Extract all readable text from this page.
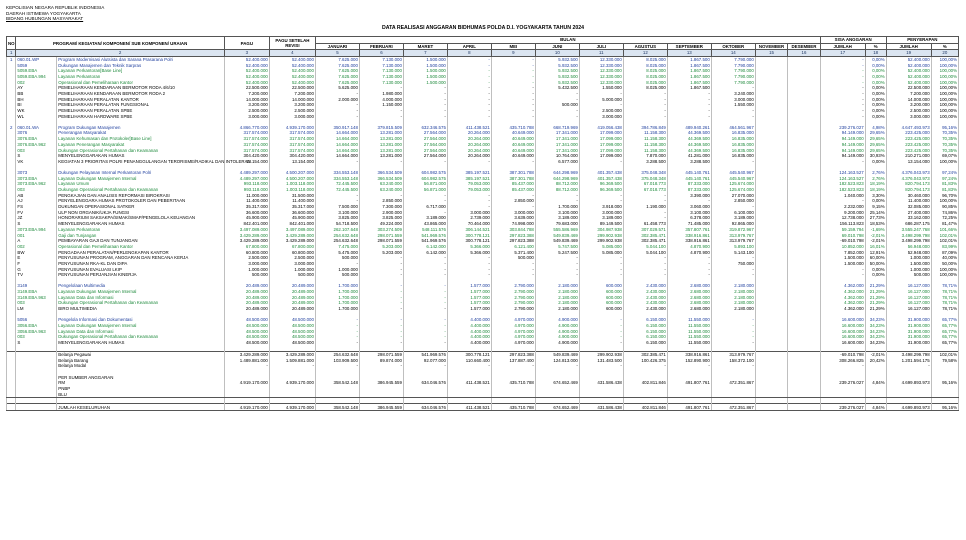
KEPOLISIAN NEGARA REPUBLIK INDONESIA
DAERAH ISTIMEWA YOGYAKARTA
BIDANG HUBUNGAN MASYARAKAT
DATA REALISASI ANGGARAN BIDHUMAS POLDA D.I. YOGYAKARTA TAHUN 2024
NO	PROGRAM/ KEGIATAN/ KOMPONEN/ SUB KOMPONEN/ URAIAN		PAGU	PAGU SETELAH REVISI	BULAN												SISA ANGGARAN		PENYERAPAN	
					JANUARI	FEBRUARI	MARET	APRIL	MEI	JUNI	JULI	AGUSTUS	SEPTEMBER	OKTOBER	NOVEMBER	DESEMBER	JUMLAH	%	JUMLAH	%
1	2		3	4	5	6	7	8	9	10	11	12	13	14	15	16	17	18	19	20
1	060.01.WP	Program Modernisasi Alutsista dan Sarana Prasarana Polri	52.400.000	52.400.000	7.625.000	7.130.000	1.500.000	-	-	5.932.500	12.330.000	8.025.000	1.867.500	7.790.000			-	0,00%	52.400.000	100,00%
	5059	Dukungan Manajemen dan Teknik Sarpras	52.400.000	52.400.000	7.625.000	7.130.000	1.500.000	-	-	5.932.500	12.330.000	8.025.000	1.867.500	7.790.000			-	0,00%	52.400.000	100,00%
	5059.EBA	Layanan Perkantoran[Base Line]	52.400.000	52.400.000	7.625.000	7.130.000	1.500.000	-	-	5.932.500	12.330.000	8.025.000	1.867.500	7.790.000			-	0,00%	52.400.000	100,00%
	5059.EBA.994	Layanan Perkantoran	52.400.000	52.400.000	7.625.000	7.130.000	1.500.000	-	-	5.932.500	12.330.000	8.025.000	1.867.500	7.790.000			-	0,00%	52.400.000	100,00%
	002	Operasional dan Pemeliharaan Kantor	52.400.000	52.400.000	7.625.000	7.130.000	1.500.000	-	-	5.932.500	12.330.000	8.025.000	1.867.500	7.790.000			-	0,00%	52.400.000	100,00%
	AY	PEMELIHARAAN KENDARAAN BERMOTOR RODA 4/6/10	22.500.000	22.500.000	5.625.000	-	-	-	-	5.432.500	1.550.000	8.025.000	1.867.500	-			-	0,00%	22.500.000	100,00%
	BB	PEMELIHARAAN KENDARAAN BERMOTOR RODA 2	7.200.000	7.200.000	-	1.980.000	-	-	-	-	-	-	-	3.240.000			-	0,00%	7.200.000	100,00%
	BH	PEMELIHARAAN PERALATAN KANTOR	14.000.000	14.000.000	2.000.000	4.000.000	-	-	-	-	5.000.000	-	-	3.000.000			-	0,00%	14.000.000	100,00%
	BI	PEMELIHARAAN PERALATAN FUNGSIONAL	3.200.000	3.200.000	-	1.150.000	-	-	-	500.000	-	-	-	1.550.000			-	0,00%	3.200.000	100,00%
	WK	PEMELIHARAAN PERALATAN SPBE	2.500.000	2.500.000	-	-	-	-	-	-	2.500.000	-	-	-			-	0,00%	2.500.000	100,00%
	WL	PEMELIHARAAN HARDWARE SPBE	3.000.000	3.000.000	-	-	-	-	-	-	3.000.000	-	-	-			-	0,00%	3.000.000	100,00%

2	060.01.WA	Program Dukungan Manajemen	4.866.770.000	4.939.170.000	350.917.148	379.815.509	632.346.575	411.438.521	435.710.788	668.719.969	419.056.438	394.786.849	489.940.261	464.561.967			239.276.027	4,98%	4.647.493.973	95,16%
	3076	Penerangan Masyarakat	317.574.000	317.574.000	14.664.000	13.281.000	27.564.000	20.264.000	40.649.000	17.341.000	17.099.000	11.158.300	44.369.500	16.835.000			94.149.000	29,65%	223.425.000	70,35%
	3076.EBA	Layanan Kehumasan dan Protokoler[Base Line]	317.574.000	317.574.000	14.664.000	13.281.000	27.564.000	20.264.000	40.649.000	17.341.000	17.099.000	11.158.300	44.369.500	16.835.000			94.149.000	29,65%	223.425.000	70,35%
	3076.EBA.962	Layanan Penerangan Masyarakat	317.574.000	317.574.000	14.664.000	13.281.000	27.564.000	20.264.000	40.649.000	17.341.000	17.099.000	11.158.300	44.369.500	16.835.000			94.149.000	29,65%	223.425.000	70,35%
	003	Dukungan Operasional Pertahanan dan Keamanan	317.574.000	317.574.000	14.664.000	13.281.000	27.564.000	20.264.000	40.649.000	17.341.000	17.099.000	11.158.300	44.369.500	16.835.000			94.149.000	29,65%	223.425.000	70,35%
	S	MENYELENGGARAKAN HUMAS	304.420.000	304.420.000	14.664.000	13.281.000	27.564.000	20.264.000	40.649.000	10.764.000	17.099.000	7.870.000	41.281.000	16.835.000			94.149.000	30,93%	210.271.000	69,07%
	VK	KEGIATAN 3 PRIORITAS POLRI PENANGGULANGAN TERORISME/RADIKAL DAN INTOLERAN	13.154.000	13.154.000	-	-	-	-	-	6.577.000	-	3.288.500	3.288.500	-			-	0,00%	13.154.000	100,00%

	3073	Dukungan Pelayanan Internal Perkantoran Polri	4.489.297.000	4.500.207.000	334.553.148	366.534.509	604.982.575	385.197.521	387.301.788	644.298.969	401.357.438	375.048.348	445.140.761	445.540.967			124.163.527	2,76%	4.376.043.973	97,24%
	3073.EBA	Layanan Dukungan Manajemen Internal	4.489.297.000	4.500.207.000	334.553.148	366.534.509	604.982.575	385.197.521	387.301.788	644.298.969	401.357.438	375.048.348	445.140.761	445.540.967			124.163.527	2,76%	4.376.043.973	97,24%
	3073.EBA.962	Layanan Umum	993.118.000	1.003.118.000	72.445.500	63.240.000	56.871.000	79.053.000	85.437.000	88.712.000	96.369.500	67.018.773	87.333.000	125.674.000			182.523.823	18,19%	820.794.173	81,83%
	003	Dukungan Operasional Pertahanan dan Keamanan	993.118.000	1.003.118.000	72.445.500	63.240.000	56.871.000	79.053.000	85.437.000	88.712.000	96.369.500	67.018.773	87.333.000	125.674.000			182.523.823	18,19%	820.794.173	81,83%
	AB	PENGKAJIAN DAN ANALISIS REFORMASI BIROKRASI	11.000.000	31.500.000	-	-	-	-	-	-	-	-	3.390.000	27.070.000			1.040.000	3,30%	30.460.000	96,70%
	AJ	PENYELENGGARA HUMAS PROTOKOLER DAN PEBERITAAN	11.400.000	11.400.000	-	2.850.000	-	-	2.850.000	-	-	-	-	2.850.000			-	0,00%	11.400.000	100,00%
	FS	DUKUNGAN OPERASIONAL SATKER	35.317.000	35.317.000	7.500.000	7.300.000	6.717.000	-	-	1.700.000	3.918.000	1.190.000	3.060.000	-			2.232.000	9,15%	32.085.000	90,85%
	FV	ULP NON ORGANIK/UKJA FUNGSI	36.600.000	36.600.000	3.100.000	2.900.000	-	3.000.000	3.000.000	3.100.000	3.000.000	-	3.100.000	6.100.000			9.200.000	25,14%	27.400.000	74,86%
	JZ	HONORARIUM SAKSAKPA/SIMAK/SMAP/PENGELOLA KEUANGAN	45.900.000	45.900.000	3.825.000	3.825.000	3.189.000	2.739.000	3.639.000	3.189.000	3.189.000	-	6.378.000	3.189.000			12.738.000	27,73%	33.162.000	72,25%
	S	MENYELENGGARAKAN HUMAS	842.401.000	842.401.000	54.718.500	49.224.000	43.865.000	70.464.000	74.998.000	79.683.000	89.149.500	61.458.773	71.485.000	92.865.000			156.113.823	18,53%	686.287.175	81,47%
	3073.EBA.994	Layanan Perkantoran	3.497.089.000	3.497.089.000	262.107.648	303.274.509	548.111.576	306.144.521	303.844.788	555.586.969	304.987.938	307.029.571	357.807.761	319.872.967			59.159.794	-1,69%	3.555.247.768	101,66%
	001	Gaji dan Tunjangan	3.429.289.000	3.429.289.000	254.632.648	298.071.559	541.969.576	300.778.121	297.823.388	549.839.469	299.902.938	302.385.471	338.916.861	313.979.767			69.010.798	-2,01%	3.498.299.798	102,01%
	A	PEMBAYARAN GAJI DAN TUNJANGAN	3.429.289.000	3.429.289.000	254.632.648	298.071.559	541.969.576	300.778.121	297.823.388	549.839.469	299.902.938	302.385.471	338.916.861	313.979.767			-69.010.798	-2,01%	3.498.299.798	102,01%
	002	Operasional dan Pemeliharaan Kantor	67.800.000	67.800.000	7.475.000	5.203.000	6.142.000	5.366.000	6.121.400	5.747.500	5.085.000	5.044.100	4.870.900	5.893.100			10.852.000	16,01%	56.948.000	83,99%
	BW	PENGADAAN PERALATAN/PERLENGKAPAN KANTOR	60.800.000	60.800.000	5.475.000	5.203.000	6.142.000	5.366.000	5.371.400	5.247.500	5.085.000	5.044.100	4.870.900	5.143.100			7.852.000	12,91%	52.948.000	87,09%
	E	PENYUSUNAN PROGRAM, ANGGARAN DAN RENCANA KERJA	2.500.000	2.500.000	500.000	-	-	-	500.000	-	-	-	-	-			1.500.000	60,00%	1.000.000	40,00%
	F	PENYUSUNAN RKA-KL DAN DIPA	3.000.000	3.000.000	-	-	-	-	-	-	-	-	-	750.000			1.500.000	50,00%	1.500.000	50,00%
	G	PENYUSUNAN EVALUASI LKIP	1.000.000	1.000.000	1.000.000	-	-	-	-	-	-	-	-	-			-	0,00%	1.000.000	100,00%
	TV	PENYUSUNAN PERJANJIAN KINERJA	500.000	500.000	500.000	-	-	-	-	-	-	-	-	-			-	0,00%	500.000	100,00%

	3149	Pengelolaan Multimedia	20.489.000	20.489.000	1.700.000	-	-	1.577.000	2.790.000	2.180.000	600.000	2.430.000	2.680.000	2.180.000			4.362.000	21,29%	16.127.000	78,71%
	3149.EBA	Layanan Dukungan Manajemen Internal	20.489.000	20.489.000	1.700.000	-	-	1.577.000	2.790.000	2.180.000	600.000	2.430.000	2.680.000	2.180.000			4.362.000	21,29%	16.127.000	78,71%
	3149.EBA.963	Layanan Data dan Informasi	20.489.000	20.489.000	1.700.000	-	-	1.577.000	2.790.000	2.180.000	600.000	2.430.000	2.680.000	2.180.000			4.362.000	21,29%	16.127.000	78,71%
	003	Dukungan Operasional Pertahanan dan Keamanan	20.489.000	20.489.000	1.700.000	-	-	1.577.000	2.790.000	2.180.000	600.000	2.430.000	2.680.000	2.180.000			4.362.000	21,29%	16.127.000	78,71%
	LM	BIRO MULTIMEDIA	20.489.000	20.489.000	1.700.000	-	-	1.577.000	2.790.000	2.180.000	600.000	2.430.000	2.680.000	2.180.000			4.362.000	21,29%	16.127.000	78,71%

	5056	Pengelola Informasi dan Dokumentasi	48.500.000	48.500.000	-	-	-	4.400.000	4.970.000	4.900.000	-	6.150.000	11.550.000	-			16.600.000	34,23%	31.900.000	65,77%
	3056.EBA	Layanan Dukungan Manajemen Internal	48.500.000	48.500.000	-	-	-	4.400.000	4.970.000	4.900.000	-	6.150.000	11.550.000	-			16.600.000	34,23%	31.900.000	65,77%
	3056.EBA.963	Layanan Data dan Informasi	48.500.000	48.500.000	-	-	-	4.400.000	4.970.000	4.900.000	-	6.150.000	11.550.000	-			16.600.000	34,23%	31.900.000	65,77%
	003	Dukungan Operasional Pertahanan dan Keamanan	48.500.000	48.500.000	-	-	-	4.400.000	4.970.000	4.900.000	-	6.150.000	11.550.000	-			16.600.000	34,23%	31.900.000	65,77%
	S	MENYELENGGARAKAN HUMAS	48.500.000	48.500.000	-	-	-	4.400.000	4.970.000	4.900.000	-	6.150.000	11.550.000	-			16.600.000	34,23%	31.900.000	65,77%

		Belanja Pegawai	3.429.289.000	3.429.289.000	254.632.648	298.071.559	541.969.576	300.778.121	297.823.388	549.839.469	299.902.938	302.385.471	338.916.861	313.979.767			-69.010.798	-2,01%	3.498.299.798	102,01%
		Belanja Barang	1.489.881.000	1.509.881.000	103.909.500	89.874.000	92.077.000	110.660.400	137.887.400	124.813.000	131.483.500	100.426.375	152.890.900	158.372.100			308.266.825	20,42%	1.201.594.175	79,58%
		Belanja Modal	-	-	-	-	-	-	-	-	-	-	-	-			-		-	

		PER SUMBER ANGGARAN																		
		RM	4.919.170.000	4.939.170.000	358.542.148	386.945.559	634.046.576	411.438.521	435.710.788	674.652.469	431.586.438	402.811.846	491.807.761	472.351.867			239.276.027	4,84%	4.699.893.973	95,16%
		PNBP																		
		BLU																		

		JUMLAH KESELURUHAN	4.919.170.000	4.939.170.000	358.542.148	386.945.559	634.046.576	411.438.521	435.710.788	674.652.469	431.586.438	402.811.846	491.807.761	472.351.867			239.276.027	4,84%	4.699.893.973	95,16%
